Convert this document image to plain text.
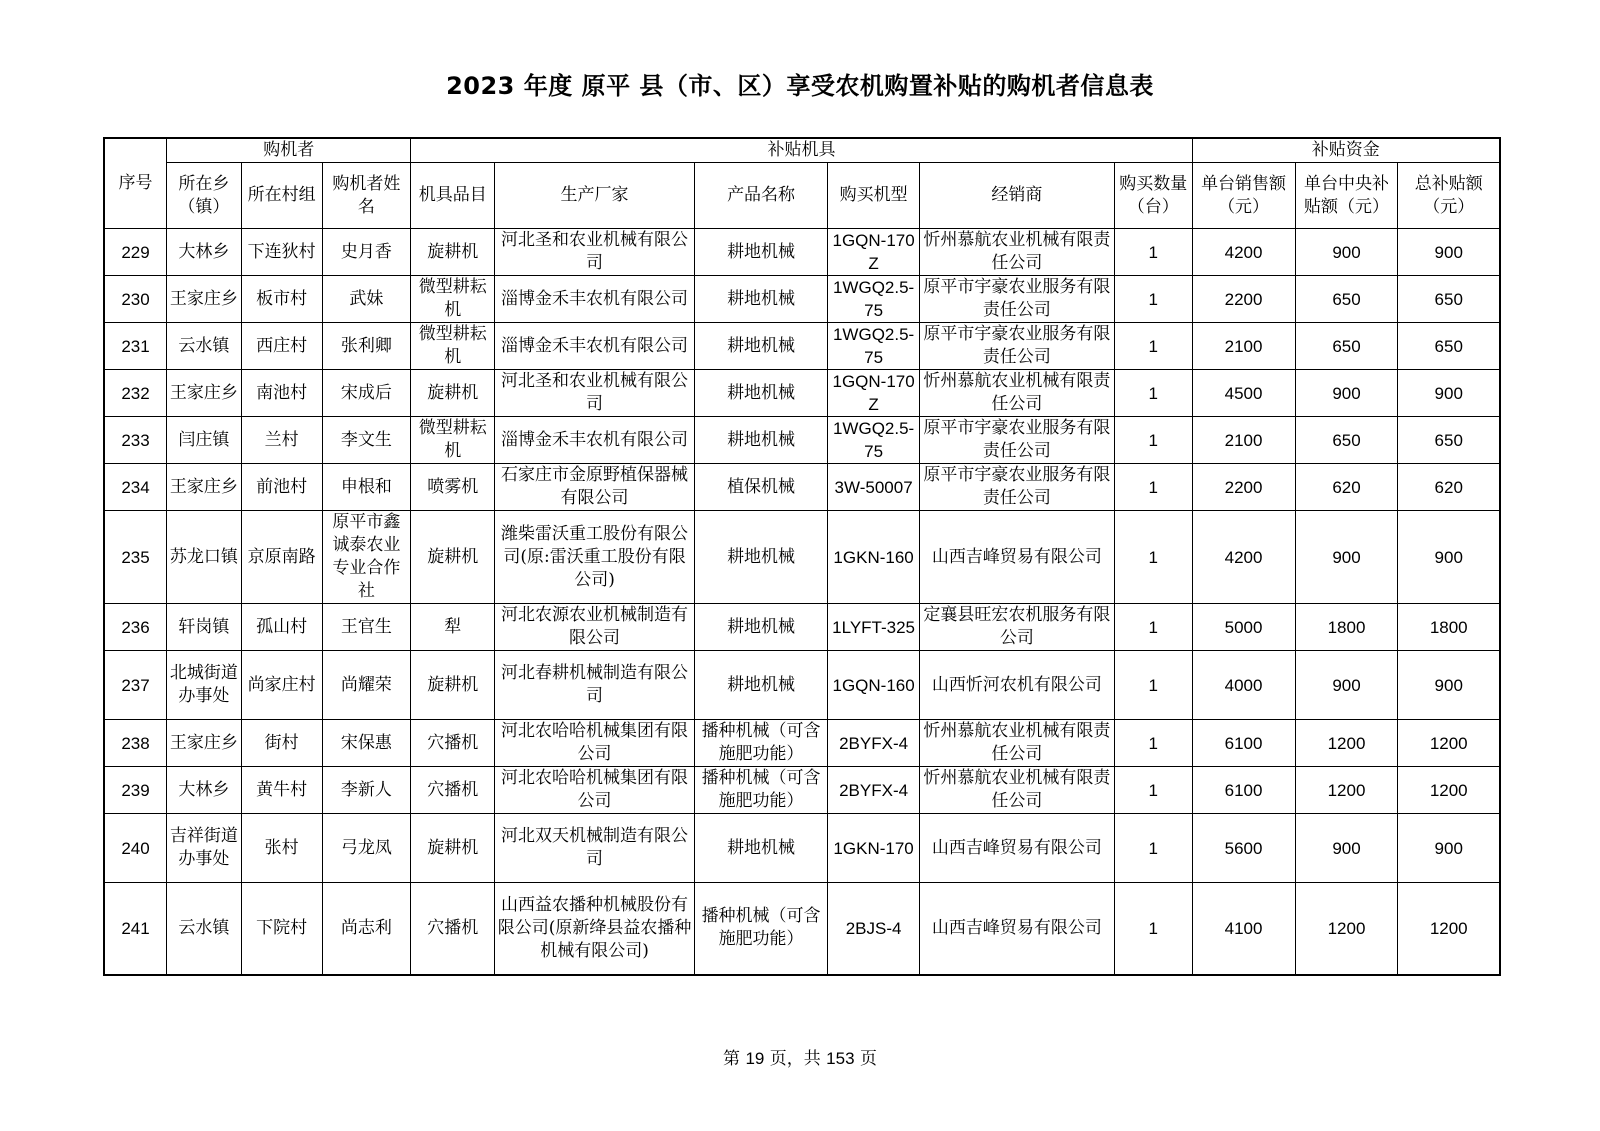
2023 年度 原平 县（市、区）享受农机购置补贴的购机者信息表
序号	购机者			补贴机具						补贴资金		
	所在乡（镇）	所在村组	购机者姓名	机具品目	生产厂家	产品名称	购买机型	经销商	购买数量（台）	单台销售额（元）	单台中央补贴额（元）	总补贴额（元）
229	大林乡	下连狄村	史月香	旋耕机	河北圣和农业机械有限公司	耕地机械	1GQN-170Z	忻州慕航农业机械有限责任公司	1	4200	900	900
230	王家庄乡	板市村	武妹	微型耕耘机	淄博金禾丰农机有限公司	耕地机械	1WGQ2.5-75	原平市宇豪农业服务有限责任公司	1	2200	650	650
231	云水镇	西庄村	张利卿	微型耕耘机	淄博金禾丰农机有限公司	耕地机械	1WGQ2.5-75	原平市宇豪农业服务有限责任公司	1	2100	650	650
232	王家庄乡	南池村	宋成后	旋耕机	河北圣和农业机械有限公司	耕地机械	1GQN-170Z	忻州慕航农业机械有限责任公司	1	4500	900	900
233	闫庄镇	兰村	李文生	微型耕耘机	淄博金禾丰农机有限公司	耕地机械	1WGQ2.5-75	原平市宇豪农业服务有限责任公司	1	2100	650	650
234	王家庄乡	前池村	申根和	喷雾机	石家庄市金原野植保器械有限公司	植保机械	3W-50007	原平市宇豪农业服务有限责任公司	1	2200	620	620
235	苏龙口镇	京原南路	原平市鑫诚泰农业专业合作社	旋耕机	潍柴雷沃重工股份有限公司(原:雷沃重工股份有限公司)	耕地机械	1GKN-160	山西吉峰贸易有限公司	1	4200	900	900
236	轩岗镇	孤山村	王官生	犁	河北农源农业机械制造有限公司	耕地机械	1LYFT-325	定襄县旺宏农机服务有限公司	1	5000	1800	1800
237	北城街道办事处	尚家庄村	尚耀荣	旋耕机	河北春耕机械制造有限公司	耕地机械	1GQN-160	山西忻河农机有限公司	1	4000	900	900
238	王家庄乡	街村	宋保惠	穴播机	河北农哈哈机械集团有限公司	播种机械（可含施肥功能）	2BYFX-4	忻州慕航农业机械有限责任公司	1	6100	1200	1200
239	大林乡	黄牛村	李新人	穴播机	河北农哈哈机械集团有限公司	播种机械（可含施肥功能）	2BYFX-4	忻州慕航农业机械有限责任公司	1	6100	1200	1200
240	吉祥街道办事处	张村	弓龙凤	旋耕机	河北双天机械制造有限公司	耕地机械	1GKN-170	山西吉峰贸易有限公司	1	5600	900	900
241	云水镇	下院村	尚志利	穴播机	山西益农播种机械股份有限公司(原新绛县益农播种机械有限公司)	播种机械（可含施肥功能）	2BJS-4	山西吉峰贸易有限公司	1	4100	1200	1200
第 19 页，共 153 页
